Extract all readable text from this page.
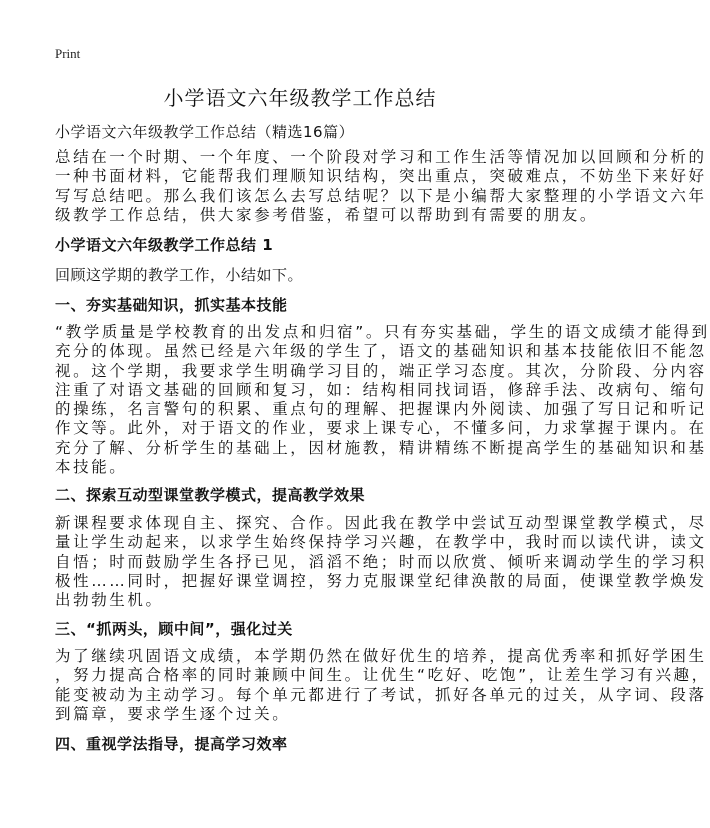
Print
小学语文六年级教学工作总结
小学语文六年级教学工作总结（精选16篇）
总结在一个时期、一个年度、一个阶段对学习和工作生活等情况加以回顾和分析的
一种书面材料，它能帮我们理顺知识结构，突出重点，突破难点，不妨坐下来好好
写写总结吧。那么我们该怎么去写总结呢？以下是小编帮大家整理的小学语文六年
级教学工作总结，供大家参考借鉴，希望可以帮助到有需要的朋友。
小学语文六年级教学工作总结 1
回顾这学期的教学工作，小结如下。
一、夯实基础知识，抓实基本技能
“教学质量是学校教育的出发点和归宿”。只有夯实基础，学生的语文成绩才能得到
充分的体现。虽然已经是六年级的学生了，语文的基础知识和基本技能依旧不能忽
视。这个学期，我要求学生明确学习目的，端正学习态度。其次，分阶段、分内容
注重了对语文基础的回顾和复习，如：结构相同找词语，修辞手法、改病句、缩句
的操练，名言警句的积累、重点句的理解、把握课内外阅读、加强了写日记和听记
作文等。此外，对于语文的作业，要求上课专心，不懂多问，力求掌握于课内。在
充分了解、分析学生的基础上，因材施教，精讲精练不断提高学生的基础知识和基
本技能。
二、探索互动型课堂教学模式，提高教学效果
新课程要求体现自主、探究、合作。因此我在教学中尝试互动型课堂教学模式，尽
量让学生动起来，以求学生始终保持学习兴趣，在教学中，我时而以读代讲，读文
自悟；时而鼓励学生各抒已见，滔滔不绝；时而以欣赏、倾听来调动学生的学习积
极性……同时，把握好课堂调控，努力克服课堂纪律涣散的局面，使课堂教学焕发
出勃勃生机。
三、“抓两头，顾中间”，强化过关
为了继续巩固语文成绩，本学期仍然在做好优生的培养，提高优秀率和抓好学困生
，努力提高合格率的同时兼顾中间生。让优生“吃好、吃饱”，让差生学习有兴趣，
能变被动为主动学习。每个单元都进行了考试，抓好各单元的过关，从字词、段落
到篇章，要求学生逐个过关。
四、重视学法指导，提高学习效率
